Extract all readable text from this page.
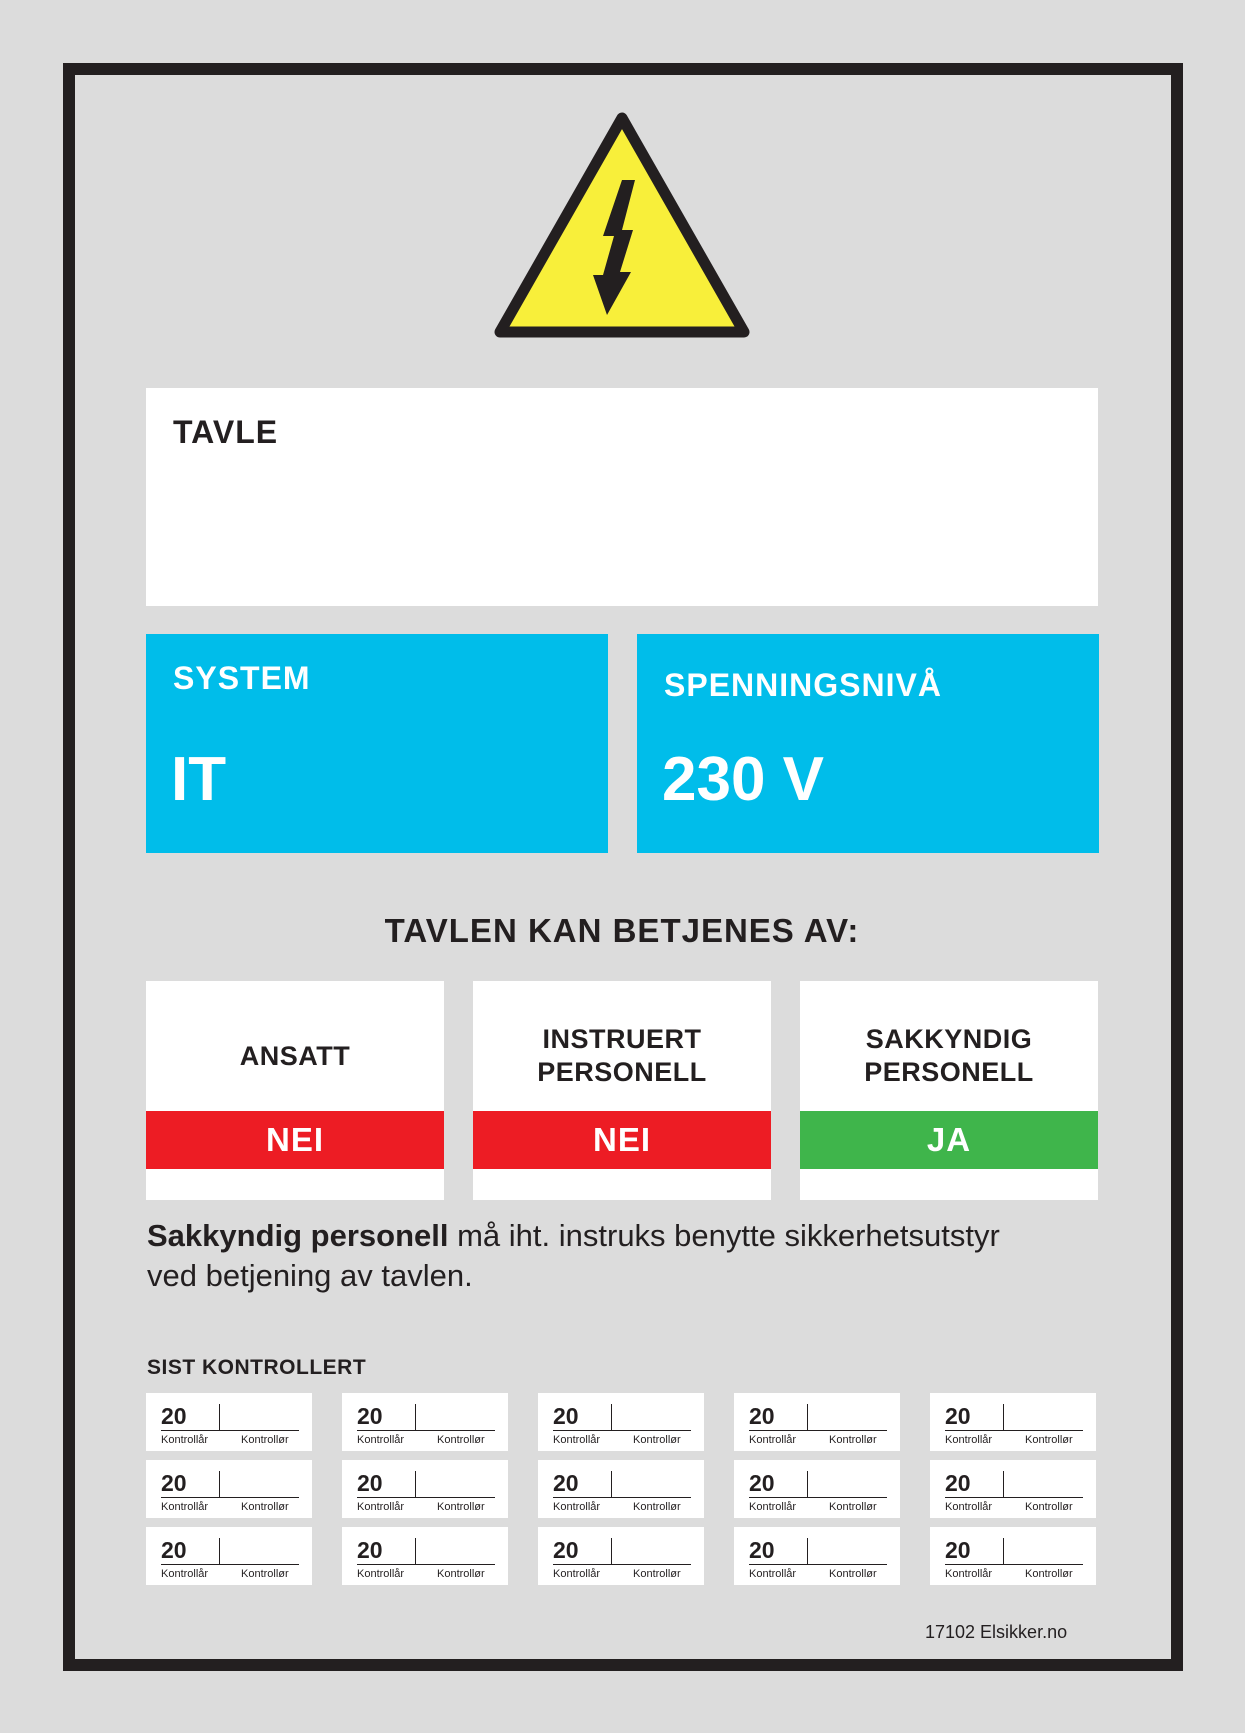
TAVLE
SYSTEM
IT
SPENNINGSNIVÅ
230 V
TAVLEN KAN BETJENES AV:
ANSATT
NEI
INSTRUERT
PERSONELL
NEI
SAKKYNDIG
PERSONELL
JA
Sakkyndig personell må iht. instruks benytte sikkerhetsutstyr
ved betjening av tavlen.
SIST KONTROLLERT
20
Kontrollår	Kontrollør
20
Kontrollår	Kontrollør
20
Kontrollår	Kontrollør
20
Kontrollår	Kontrollør
20
Kontrollår	Kontrollør
20
Kontrollår	Kontrollør
20
Kontrollår	Kontrollør
20
Kontrollår	Kontrollør
20
Kontrollår	Kontrollør
20
Kontrollår	Kontrollør
20
Kontrollår	Kontrollør
20
Kontrollår	Kontrollør
20
Kontrollår	Kontrollør
20
Kontrollår	Kontrollør
20
Kontrollår	Kontrollør
17102 Elsikker.no
